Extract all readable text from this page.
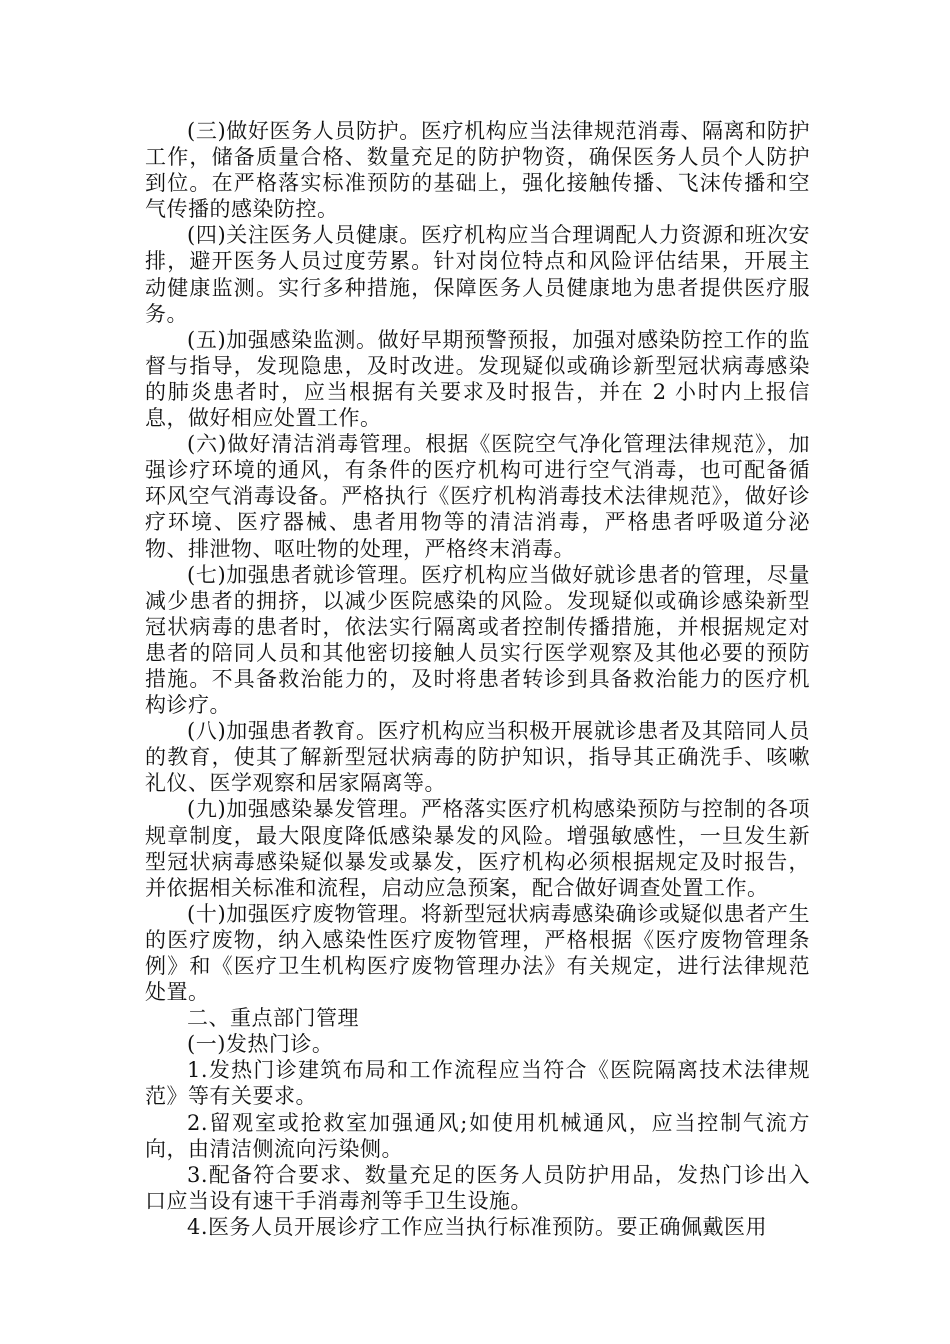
(三)做好医务人员防护。医疗机构应当法律规范消毒、隔离和防护工作，储备质量合格、数量充足的防护物资，确保医务人员个人防护到位。在严格落实标准预防的基础上，强化接触传播、飞沫传播和空气传播的感染防控。

(四)关注医务人员健康。医疗机构应当合理调配人力资源和班次安排，避开医务人员过度劳累。针对岗位特点和风险评估结果，开展主动健康监测。实行多种措施，保障医务人员健康地为患者提供医疗服务。

(五)加强感染监测。做好早期预警预报，加强对感染防控工作的监督与指导，发现隐患，及时改进。发现疑似或确诊新型冠状病毒感染的肺炎患者时，应当根据有关要求及时报告，并在 2 小时内上报信息，做好相应处置工作。

(六)做好清洁消毒管理。根据《医院空气净化管理法律规范》，加强诊疗环境的通风，有条件的医疗机构可进行空气消毒，也可配备循环风空气消毒设备。严格执行《医疗机构消毒技术法律规范》，做好诊疗环境、医疗器械、患者用物等的清洁消毒，严格患者呼吸道分泌物、排泄物、呕吐物的处理，严格终末消毒。

(七)加强患者就诊管理。医疗机构应当做好就诊患者的管理，尽量减少患者的拥挤，以减少医院感染的风险。发现疑似或确诊感染新型冠状病毒的患者时，依法实行隔离或者控制传播措施，并根据规定对患者的陪同人员和其他密切接触人员实行医学观察及其他必要的预防措施。不具备救治能力的，及时将患者转诊到具备救治能力的医疗机构诊疗。

(八)加强患者教育。医疗机构应当积极开展就诊患者及其陪同人员的教育，使其了解新型冠状病毒的防护知识，指导其正确洗手、咳嗽礼仪、医学观察和居家隔离等。

(九)加强感染暴发管理。严格落实医疗机构感染预防与控制的各项规章制度，最大限度降低感染暴发的风险。增强敏感性，一旦发生新型冠状病毒感染疑似暴发或暴发，医疗机构必须根据规定及时报告，并依据相关标准和流程，启动应急预案，配合做好调查处置工作。

(十)加强医疗废物管理。将新型冠状病毒感染确诊或疑似患者产生的医疗废物，纳入感染性医疗废物管理，严格根据《医疗废物管理条例》和《医疗卫生机构医疗废物管理办法》有关规定，进行法律规范处置。

二、重点部门管理

(一)发热门诊。

1.发热门诊建筑布局和工作流程应当符合《医院隔离技术法律规范》等有关要求。

2.留观室或抢救室加强通风;如使用机械通风，应当控制气流方向，由清洁侧流向污染侧。

3.配备符合要求、数量充足的医务人员防护用品，发热门诊出入口应当设有速干手消毒剂等手卫生设施。

4.医务人员开展诊疗工作应当执行标准预防。要正确佩戴医用
